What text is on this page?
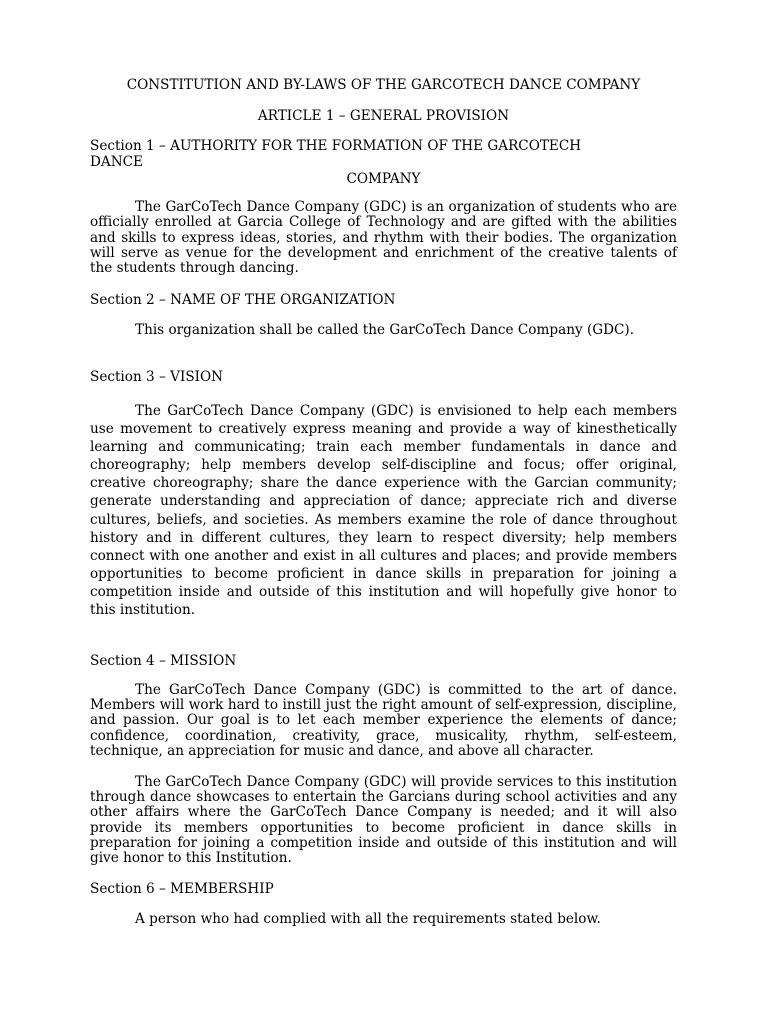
CONSTITUTION AND BY-LAWS OF THE GARCOTECH DANCE COMPANY
ARTICLE 1 – GENERAL PROVISION
Section 1 – AUTHORITY FOR THE FORMATION OF THE GARCOTECH
DANCE
COMPANY
The GarCoTech Dance Company (GDC) is an organization of students who are officially enrolled at Garcia College of Technology and are gifted with the abilities and skills to express ideas, stories, and rhythm with their bodies. The organization will serve as venue for the development and enrichment of the creative talents of the students through dancing.
Section 2 – NAME OF THE ORGANIZATION
This organization shall be called the GarCoTech Dance Company (GDC).
Section 3 – VISION
The GarCoTech Dance Company (GDC) is envisioned to help each members use movement to creatively express meaning and provide a way of kinesthetically learning and communicating; train each member fundamentals in dance and choreography; help members develop self-discipline and focus; offer original, creative choreography; share the dance experience with the Garcian community; generate understanding and appreciation of dance; appreciate rich and diverse cultures, beliefs, and societies. As members examine the role of dance throughout history and in different cultures, they learn to respect diversity; help members connect with one another and exist in all cultures and places; and provide members opportunities to become proficient in dance skills in preparation for joining a competition inside and outside of this institution and will hopefully give honor to this institution.
Section 4 – MISSION
The GarCoTech Dance Company (GDC) is committed to the art of dance. Members will work hard to instill just the right amount of self-expression, discipline, and passion. Our goal is to let each member experience the elements of dance; confidence, coordination, creativity, grace, musicality, rhythm, self-esteem, technique, an appreciation for music and dance, and above all character.
The GarCoTech Dance Company (GDC) will provide services to this institution through dance showcases to entertain the Garcians during school activities and any other affairs where the GarCoTech Dance Company is needed; and it will also provide its members opportunities to become proficient in dance skills in preparation for joining a competition inside and outside of this institution and will give honor to this Institution.
Section 6 – MEMBERSHIP
A person who had complied with all the requirements stated below.
